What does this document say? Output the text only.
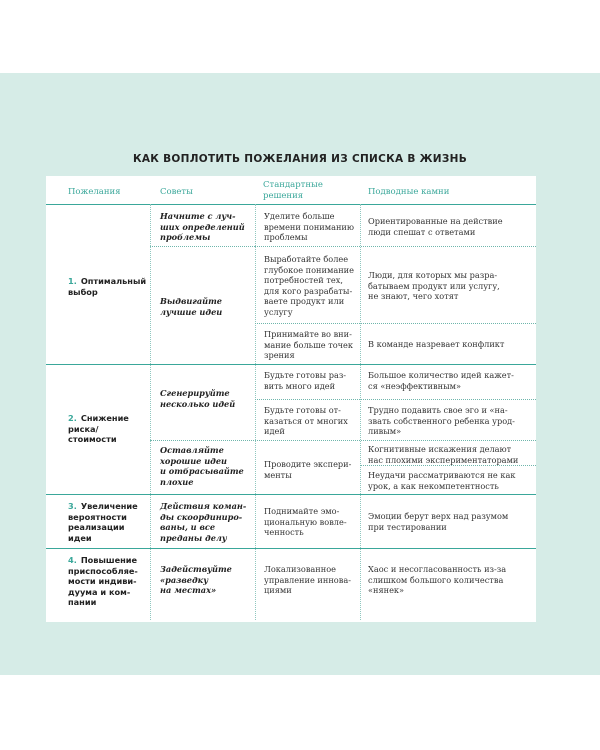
КАК ВОПЛОТИТЬ ПОЖЕЛАНИЯ ИЗ СПИСКА В ЖИЗНЬ
Пожелания	Советы
Стандартные
решения	Подводные камни
1. Оптимальный
выбор
Начните с луч-
ших определений
проблемы
Выдвигайте
лучшие идеи
Уделите больше
времени пониманию
проблемы
Выработайте более
глубокое понимание
потребностей тех,
для кого разрабаты-
ваете продукт или
услугу
Принимайте во вни-
мание больше точек
зрения
Ориентированные на действие
люди спешат с ответами
Люди, для которых мы разра-
батываем продукт или услугу,
не знают, чего хотят
В команде назревает конфликт
2. Снижение
риска/
стоимости
Сгенерируйте
несколько идей
Оставляйте
хорошие идеи
и отбрасывайте
плохие
Будьте готовы раз-
вить много идей
Будьте готовы от-
казаться от многих
идей
Проводите экспери-
менты
Большое количество идей кажет-
ся «неэффективным»
Трудно подавить свое эго и «на-
звать собственного ребенка урод-
ливым»
Когнитивные искажения делают
нас плохими экспериментаторами
Неудачи рассматриваются не как
урок, а как некомпетентность
3. Увеличение
вероятности
реализации
идеи
Действия коман-
ды скоординиро-
ваны, и все
преданы делу
Поднимайте эмо-
циональную вовле-
ченность
Эмоции берут верх над разумом
при тестировании
4. Повышение
приспособляе-
мости индиви-
дуума и ком-
пании
Задействуйте
«разведку
на местах»
Локализованное
управление иннова-
циями
Хаос и несогласованность из-за
слишком большого количества
«нянек»
